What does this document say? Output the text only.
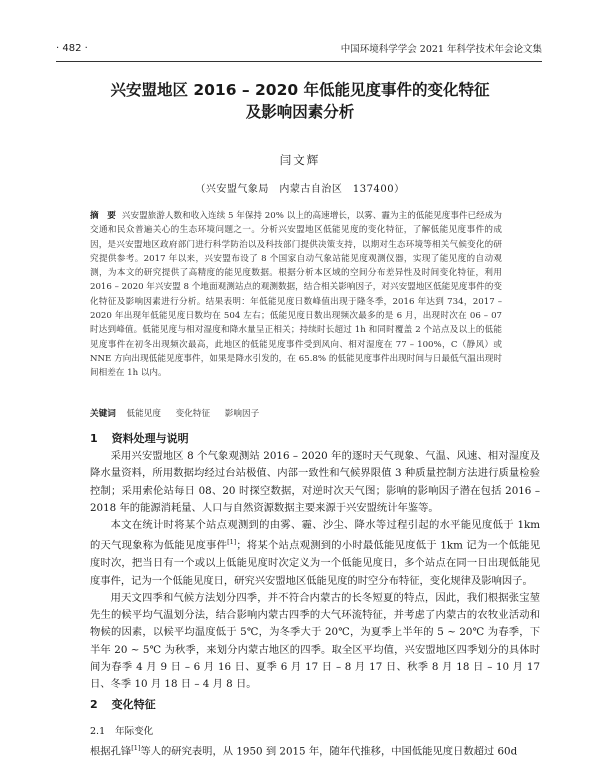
· 482 ·	中国环境科学学会 2021 年科学技术年会论文集
兴安盟地区 2016 – 2020 年低能见度事件的变化特征
及影响因素分析
闫文辉
（兴安盟气象局　内蒙古自治区　137400）
摘　要 兴安盟旅游人数和收入连续 5 年保持 20% 以上的高速增长，以雾、霾为主的低能见度事件已经成为交通和民众普遍关心的生态环境问题之一。分析兴安盟地区低能见度的变化特征，了解低能见度事件的成因，是兴安盟地区政府部门进行科学防治以及科技部门提供决策支持，以期对生态环境等相关气候变化的研究提供参考。2017 年以来，兴安盟布设了 8 个国家自动气象站能见度观测仪器，实现了能见度的自动观测，为本文的研究提供了高精度的能见度数据。根据分析本区域的空间分布差异性及时间变化特征，利用 2016 – 2020 年兴安盟 8 个地面观测站点的观测数据，结合相关影响因子，对兴安盟地区低能见度事件的变化特征及影响因素进行分析。结果表明：年低能见度日数峰值出现于隆冬季，2016 年达到 734，2017 – 2020 年出现年低能见度日数均在 504 左右；低能见度日数出现频次最多的是 6 月，出现时次在 06 – 07 时达到峰值。低能见度与相对湿度和降水量呈正相关；持续时长超过 1h 和同时覆盖 2 个站点及以上的低能见度事件在初冬出现频次最高，此地区的低能见度事件受到风向、相对湿度在 77 – 100%，C（静风）或 NNE 方向出现低能见度事件，如果是降水引发的，在 65.8% 的低能见度事件出现时间与日最低气温出现时间相差在 1h 以内。
关键词 低能见度 变化特征 影响因子
1 资料处理与说明

采用兴安盟地区 8 个气象观测站 2016 – 2020 年的逐时天气现象、气温、风速、相对湿度及降水量资料，所用数据均经过台站极值、内部一致性和气候界限值 3 种质量控制方法进行质量检验控制；采用索伦站每日 08、20 时探空数据，对逆时次天气图；影响的影响因子潜在包括 2016 – 2018 年的能源消耗量、人口与自然资源数据主要来源于兴安盟统计年鉴等。

本文在统计时将某个站点观测到的由雾、霾、沙尘、降水等过程引起的水平能见度低于 1km 的天气现象称为低能见度事件[1]；将某个站点观测到的小时最低能见度低于 1km 记为一个低能见度时次，把当日有一个或以上低能见度时次定义为一个低能见度日，多个站点在同一日出现低能见度事件，记为一个低能见度日，研究兴安盟地区低能见度的时空分布特征，变化规律及影响因子。

用天文四季和气候方法划分四季，并不符合内蒙古的长冬短夏的特点，因此，我们根据张宝堃先生的候平均气温划分法，结合影响内蒙古四季的大气环流特征，并考虑了内蒙古的农牧业活动和物候的因素，以候平均温度低于 5℃，为冬季大于 20℃，为夏季上半年的 5 ~ 20℃ 为春季，下半年 20 ~ 5℃ 为秋季，来划分内蒙古地区的四季。取全区平均值，兴安盟地区四季划分的具体时间为春季 4 月 9 日 – 6 月 16 日、夏季 6 月 17 日 – 8 月 17 日、秋季 8 月 18 日 – 10 月 17 日、冬季 10 月 18 日 – 4 月 8 日。

2 变化特征
2.1 年际变化
根据孔锋[1]等人的研究表明，从 1950 到 2015 年，随年代推移，中国低能见度日数超过 60d
